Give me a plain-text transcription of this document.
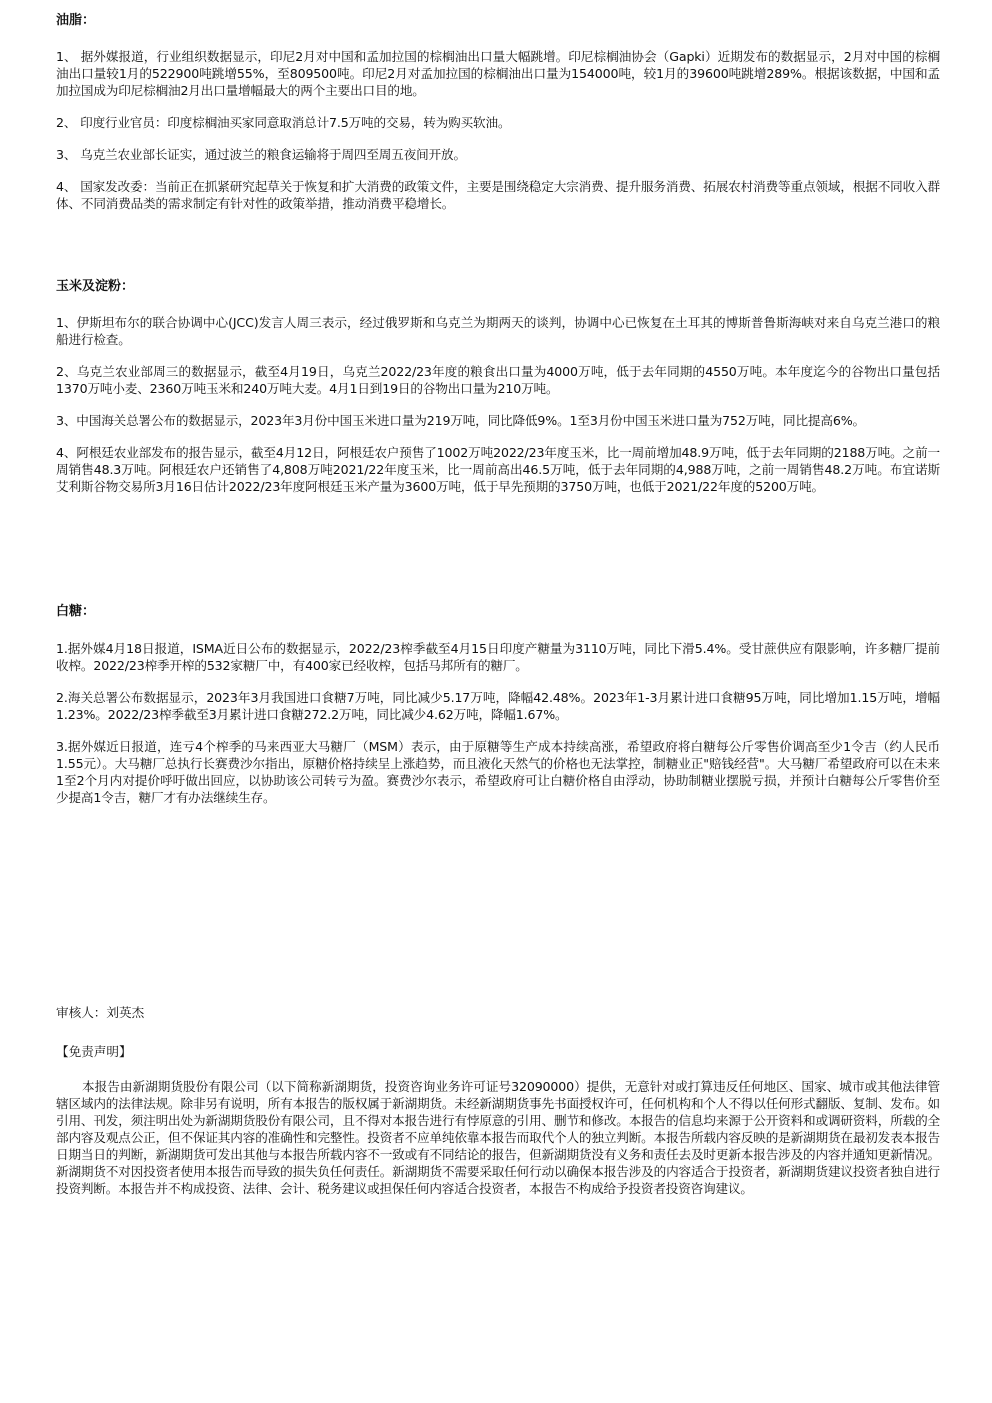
油脂：

1、 据外媒报道，行业组织数据显示，印尼2月对中国和孟加拉国的棕榈油出口量大幅跳增。印尼棕榈油协会（Gapki）近期发布的数据显示，2月对中国的棕榈油出口量较1月的522900吨跳增55%，至809500吨。印尼2月对孟加拉国的棕榈油出口量为154000吨，较1月的39600吨跳增289%。根据该数据，中国和孟加拉国成为印尼棕榈油2月出口量增幅最大的两个主要出口目的地。

2、 印度行业官员：印度棕榈油买家同意取消总计7.5万吨的交易，转为购买软油。

3、 乌克兰农业部长证实，通过波兰的粮食运输将于周四至周五夜间开放。

4、 国家发改委：当前正在抓紧研究起草关于恢复和扩大消费的政策文件，主要是围绕稳定大宗消费、提升服务消费、拓展农村消费等重点领域，根据不同收入群体、不同消费品类的需求制定有针对性的政策举措，推动消费平稳增长。

玉米及淀粉：

1、伊斯坦布尔的联合协调中心(JCC)发言人周三表示，经过俄罗斯和乌克兰为期两天的谈判，协调中心已恢复在土耳其的博斯普鲁斯海峡对来自乌克兰港口的粮船进行检查。

2、乌克兰农业部周三的数据显示，截至4月19日，乌克兰2022/23年度的粮食出口量为4000万吨，低于去年同期的4550万吨。本年度迄今的谷物出口量包括1370万吨小麦、2360万吨玉米和240万吨大麦。4月1日到19日的谷物出口量为210万吨。

3、中国海关总署公布的数据显示，2023年3月份中国玉米进口量为219万吨，同比降低9%。1至3月份中国玉米进口量为752万吨，同比提高6%。

4、阿根廷农业部发布的报告显示，截至4月12日，阿根廷农户预售了1002万吨2022/23年度玉米，比一周前增加48.9万吨，低于去年同期的2188万吨。之前一周销售48.3万吨。阿根廷农户还销售了4,808万吨2021/22年度玉米，比一周前高出46.5万吨，低于去年同期的4,988万吨，之前一周销售48.2万吨。布宜诺斯艾利斯谷物交易所3月16日估计2022/23年度阿根廷玉米产量为3600万吨，低于早先预期的3750万吨，也低于2021/22年度的5200万吨。

白糖：

1.据外媒4月18日报道，ISMA近日公布的数据显示，2022/23榨季截至4月15日印度产糖量为3110万吨，同比下滑5.4%。受甘蔗供应有限影响，许多糖厂提前收榨。2022/23榨季开榨的532家糖厂中，有400家已经收榨，包括马邦所有的糖厂。

2.海关总署公布数据显示，2023年3月我国进口食糖7万吨，同比减少5.17万吨，降幅42.48%。2023年1-3月累计进口食糖95万吨，同比增加1.15万吨，增幅1.23%。2022/23榨季截至3月累计进口食糖272.2万吨，同比减少4.62万吨，降幅1.67%。

3.据外媒近日报道，连亏4个榨季的马来西亚大马糖厂（MSM）表示，由于原糖等生产成本持续高涨，希望政府将白糖每公斤零售价调高至少1令吉（约人民币1.55元）。大马糖厂总执行长赛费沙尔指出，原糖价格持续呈上涨趋势，而且液化天然气的价格也无法掌控，制糖业正"赔钱经营"。大马糖厂希望政府可以在未来1至2个月内对提价呼吁做出回应，以协助该公司转亏为盈。赛费沙尔表示，希望政府可让白糖价格自由浮动，协助制糖业摆脱亏损，并预计白糖每公斤零售价至少提高1令吉，糖厂才有办法继续生存。

审核人：刘英杰
【免责声明】

本报告由新湖期货股份有限公司（以下简称新湖期货，投资咨询业务许可证号32090000）提供，无意针对或打算违反任何地区、国家、城市或其他法律管辖区域内的法律法规。除非另有说明，所有本报告的版权属于新湖期货。未经新湖期货事先书面授权许可，任何机构和个人不得以任何形式翻版、复制、发布。如引用、刊发，须注明出处为新湖期货股份有限公司，且不得对本报告进行有悖原意的引用、删节和修改。本报告的信息均来源于公开资料和或调研资料，所载的全部内容及观点公正，但不保证其内容的准确性和完整性。投资者不应单纯依靠本报告而取代个人的独立判断。本报告所载内容反映的是新湖期货在最初发表本报告日期当日的判断，新湖期货可发出其他与本报告所载内容不一致或有不同结论的报告，但新湖期货没有义务和责任去及时更新本报告涉及的内容并通知更新情况。新湖期货不对因投资者使用本报告而导致的损失负任何责任。新湖期货不需要采取任何行动以确保本报告涉及的内容适合于投资者，新湖期货建议投资者独自进行投资判断。本报告并不构成投资、法律、会计、税务建议或担保任何内容适合投资者，本报告不构成给予投资者投资咨询建议。
